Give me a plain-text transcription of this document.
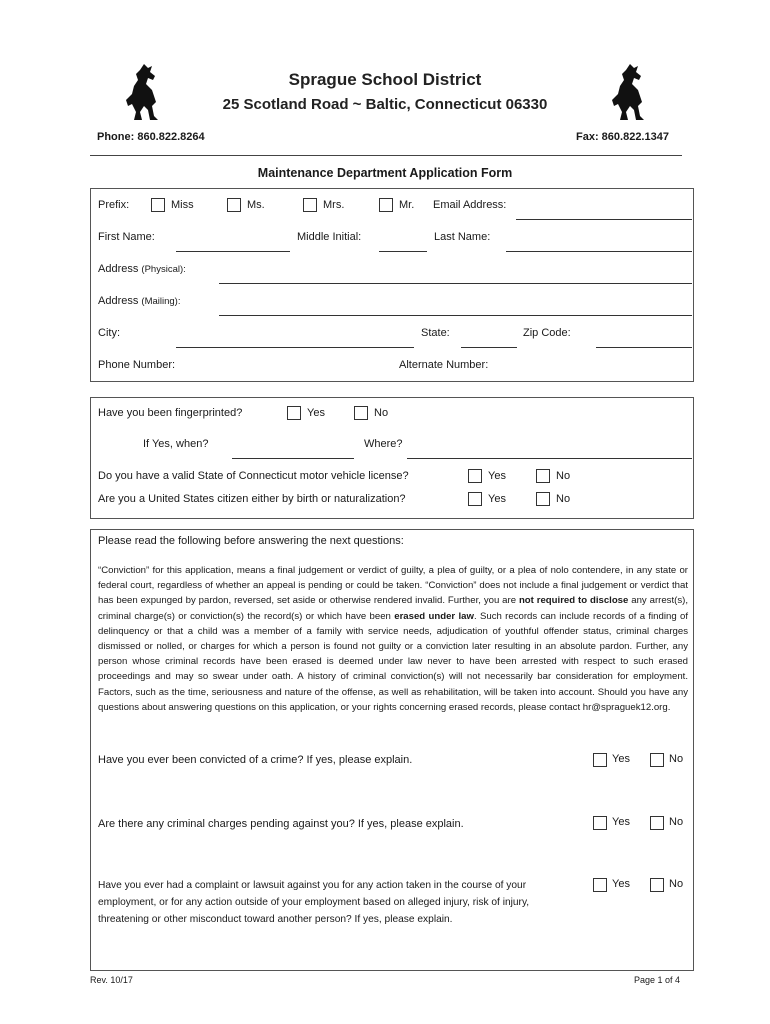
Sprague School District
25 Scotland Road ~ Baltic, Connecticut 06330
Phone: 860.822.8264	Fax: 860.822.1347
Maintenance Department Application Form
Prefix:	Miss	Ms.	Mrs.	Mr. Email Address:
First Name:	Middle Initial:	Last Name:
Address (Physical):
Address (Mailing):
City:	State:	Zip Code:
Phone Number:	Alternate Number:
Have you been fingerprinted?	Yes	No
If Yes, when?	Where?
Do you have a valid State of Connecticut motor vehicle license?	Yes	No
Are you a United States citizen either by birth or naturalization?	Yes	No
Please read the following before answering the next questions:
“Conviction” for this application, means a final judgement or verdict of guilty, a plea of guilty, or a plea of nolo contendere, in any state or federal court, regardless of whether an appeal is pending or could be taken. “Conviction” does not include a final judgement or verdict that has been expunged by pardon, reversed, set aside or otherwise rendered invalid. Further, you are not required to disclose any arrest(s), criminal charge(s) or conviction(s) the record(s) or which have been erased under law. Such records can include records of a finding of delinquency or that a child was a member of a family with service needs, adjudication of youthful offender status, criminal charges dismissed or nolled, or charges for which a person is found not guilty or a conviction later resulting in an absolute pardon. Further, any person whose criminal records have been erased is deemed under law never to have been arrested with respect to such erased proceedings and may so swear under oath. A history of criminal conviction(s) will not necessarily bar consideration for employment. Factors, such as the time, seriousness and nature of the offense, as well as rehabilitation, will be taken into account. Should you have any questions about answering questions on this application, or your rights concerning erased records, please contact hr@spraguek12.org.
Have you ever been convicted of a crime? If yes, please explain.	Yes	No
Are there any criminal charges pending against you? If yes, please explain.	Yes	No
Have you ever had a complaint or lawsuit against you for any action taken in the course of your employment, or for any action outside of your employment based on alleged injury, risk of injury, threatening or other misconduct toward another person? If yes, please explain.
Yes	No
Rev. 10/17	Page 1 of 4
